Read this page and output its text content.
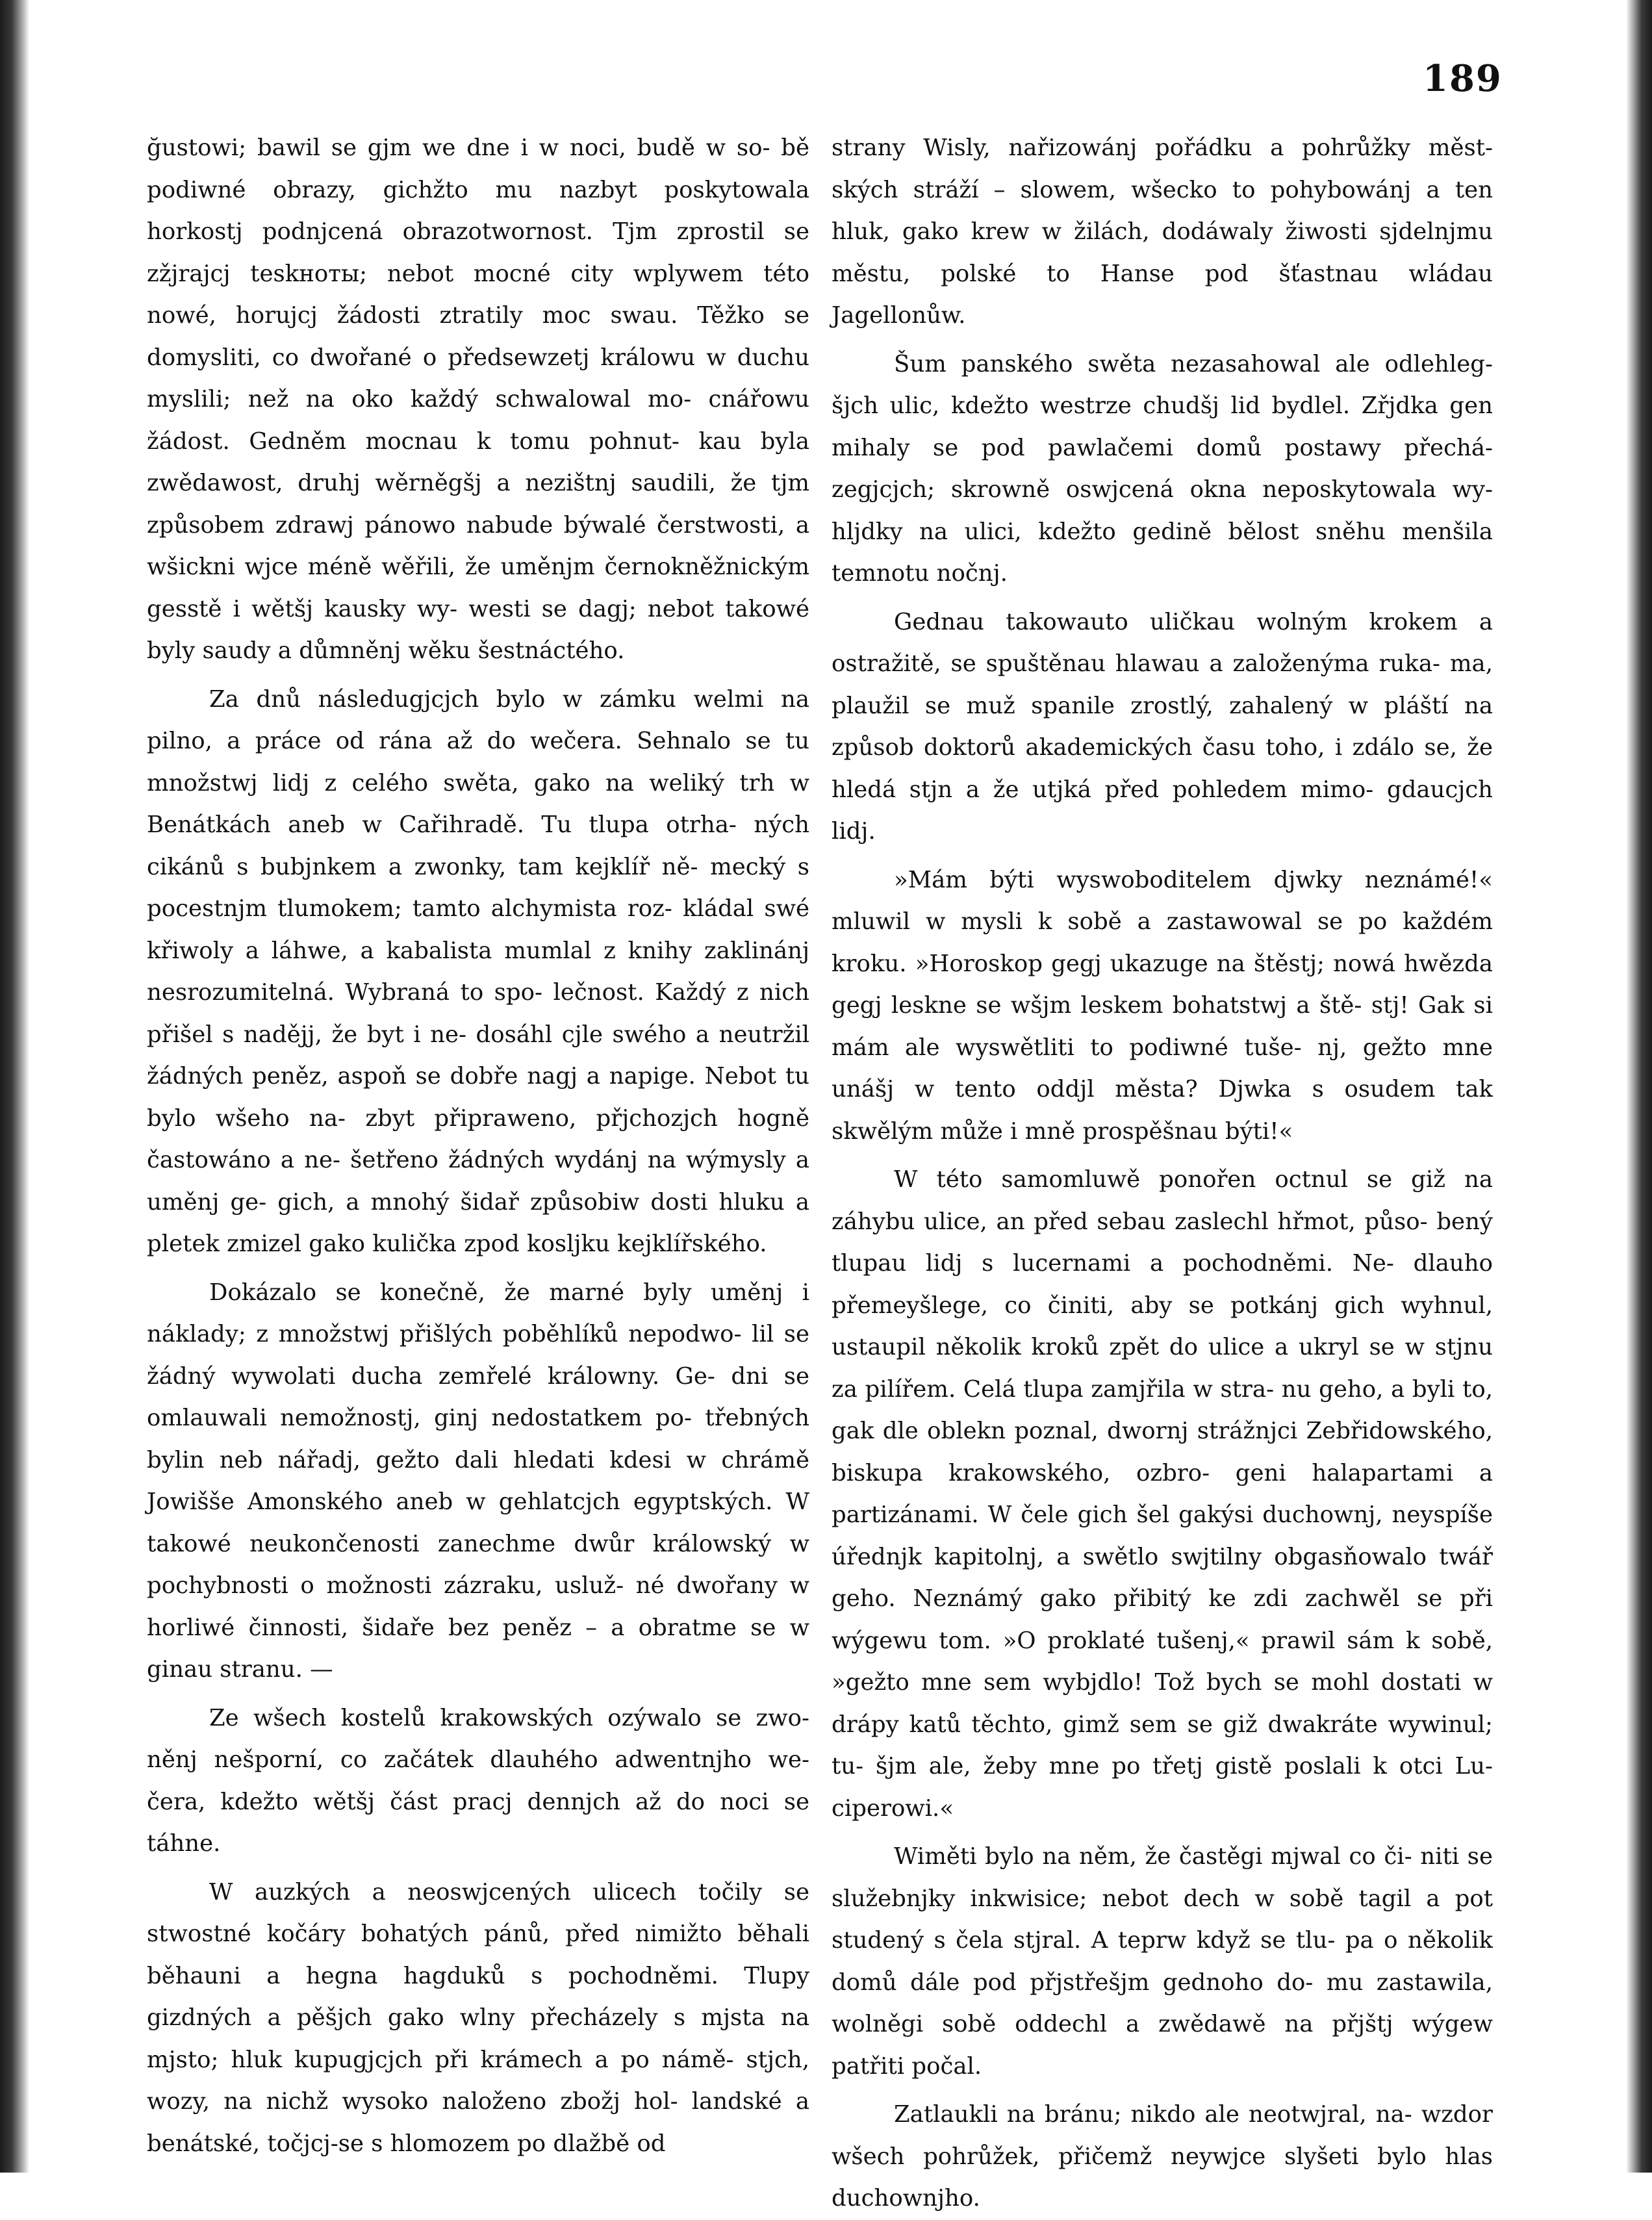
189

ğustowi; bawil se gjm we dne i w noci, budě w so- bě podiwné obrazy, gichžto mu nazbyt poskytowala horkostj podnjcená obrazotwornost. Tjm zprostil se zžjrajcj teskноты; nebot mocné city wplywem této nowé, horujcj žádosti ztratily moc swau. Těžko se domysliti, co dwořané o předsewzetj králowu w duchu myslili; než na oko každý schwalowal mo- cnářowu žádost. Gedněm mocnau k tomu pohnut- kau byla zwědawost, druhj wěrněgšj a nezištnj saudili, že tjm způsobem zdrawj pánowo nabude býwalé čerstwosti, a wšickni wjce méně wěřili, že uměnjm černokněžnickým gesstě i wětšj kausky wy- westi se dagj; nebot takowé byly saudy a důmněnj wěku šestnáctého.

Za dnů následugjcjch bylo w zámku welmi na pilno, a práce od rána až do wečera. Sehnalo se tu množstwj lidj z celého swěta, gako na weliký trh w Benátkách aneb w Cařihradě. Tu tlupa otrha- ných cikánů s bubjnkem a zwonky, tam kejklíř ně- mecký s pocestnjm tlumokem; tamto alchymista roz- kládal swé křiwoly a láhwe, a kabalista mumlal z knihy zaklinánj nesrozumitelná. Wybraná to spo- lečnost. Každý z nich přišel s nadějj, že byt i ne- dosáhl cjle swého a neutržil žádných peněz, aspoň se dobře nagj a napige. Nebot tu bylo wšeho na- zbyt připraweno, přjchozjch hogně častowáno a ne- šetřeno žádných wydánj na wýmysly a uměnj ge- gich, a mnohý šidař způsobiw dosti hluku a pletek zmizel gako kulička zpod kosljku kejklířského.

Dokázalo se konečně, že marné byly uměnj i náklady; z množstwj přišlých poběhlíků nepodwo- lil se žádný wywolati ducha zemřelé králowny. Ge- dni se omlauwali nemožnostj, ginj nedostatkem po- třebných bylin neb nářadj, gežto dali hledati kdesi w chrámě Jowišše Amonského aneb w gehlatcjch egyptských. W takowé neukončenosti zanechme dwůr králowský w pochybnosti o možnosti zázraku, usluž- né dwořany w horliwé činnosti, šidaře bez peněz – a obratme se w ginau stranu. —

Ze wšech kostelů krakowských ozýwalo se zwo- něnj nešporní, co začátek dlauhého adwentnjho we- čera, kdežto wětšj část pracj dennjch až do noci se táhne.

W auzkých a neoswjcených ulicech točily se stwostné kočáry bohatých pánů, před nimižto běhali běhauni a hegna hagduků s pochodněmi. Tlupy gizdných a pěšjch gako wlny přecházely s mjsta na mjsto; hluk kupugjcjch při krámech a po námě- stjch, wozy, na nichž wysoko naloženo zbožj hol- landské a benátské, točjcj-se s hlomozem po dlažbě od

strany Wisly, nařizowánj pořádku a pohrůžky měst- ských stráží – slowem, wšecko to pohybowánj a ten hluk, gako krew w žilách, dodáwaly žiwosti sjdelnjmu městu, polské to Hanse pod šťastnau wládau Jagellonůw.

Šum panského swěta nezasahowal ale odlehleg- šjch ulic, kdežto westrze chudšj lid bydlel. Zřjdka gen mihaly se pod pawlačemi domů postawy přechá- zegjcjch; skrowně oswjcená okna neposkytowala wy- hljdky na ulici, kdežto gedině bělost sněhu menšila temnotu nočnj.

Gednau takowauto uličkau wolným krokem a ostražitě, se spuštěnau hlawau a založenýma ruka- ma, plaužil se muž spanile zrostlý, zahalený w pláští na způsob doktorů akademických času toho, i zdálo se, že hledá stjn a že utjká před pohledem mimo- gdaucjch lidj.

»Mám býti wyswoboditelem djwky neznámé!« mluwil w mysli k sobě a zastawowal se po každém kroku. »Horoskop gegj ukazuge na štěstj; nowá hwězda gegj leskne se wšjm leskem bohatstwj a ště- stj! Gak si mám ale wyswětliti to podiwné tuše- nj, gežto mne unášj w tento oddjl města? Djwka s osudem tak skwělým může i mně prospěšnau býti!«

W této samomluwě ponořen octnul se giž na záhybu ulice, an před sebau zaslechl hřmot, půso- bený tlupau lidj s lucernami a pochodněmi. Ne- dlauho přemeyšlege, co činiti, aby se potkánj gich wyhnul, ustaupil několik kroků zpět do ulice a ukryl se w stjnu za pilířem. Celá tlupa zamjřila w stra- nu geho, a byli to, gak dle oblekn poznal, dwornj strážnjci Zebřidowského, biskupa krakowského, ozbro- geni halapartami a partizánami. W čele gich šel gakýsi duchownj, neyspíše úřednjk kapitolnj, a swětlo swjtilny obgasňowalo twář geho. Neznámý gako přibitý ke zdi zachwěl se při wýgewu tom. »O proklaté tušenj,« prawil sám k sobě, »gežto mne sem wybjdlo! Tož bych se mohl dostati w drápy katů těchto, gimž sem se giž dwakráte wywinul; tu- šjm ale, žeby mne po třetj gistě poslali k otci Lu- ciperowi.«

Wiměti bylo na něm, že častěgi mjwal co či- niti se služebnjky inkwisice; nebot dech w sobě tagil a pot studený s čela stjral. A teprw když se tlu- pa o několik domů dále pod přjstřešjm gednoho do- mu zastawila, wolněgi sobě oddechl a zwědawě na přjštj wýgew patřiti počal.

Zatlaukli na bránu; nikdo ale neotwjral, na- wzdor wšech pohrůžek, přičemž neywjce slyšeti bylo hlas duchownjho.
